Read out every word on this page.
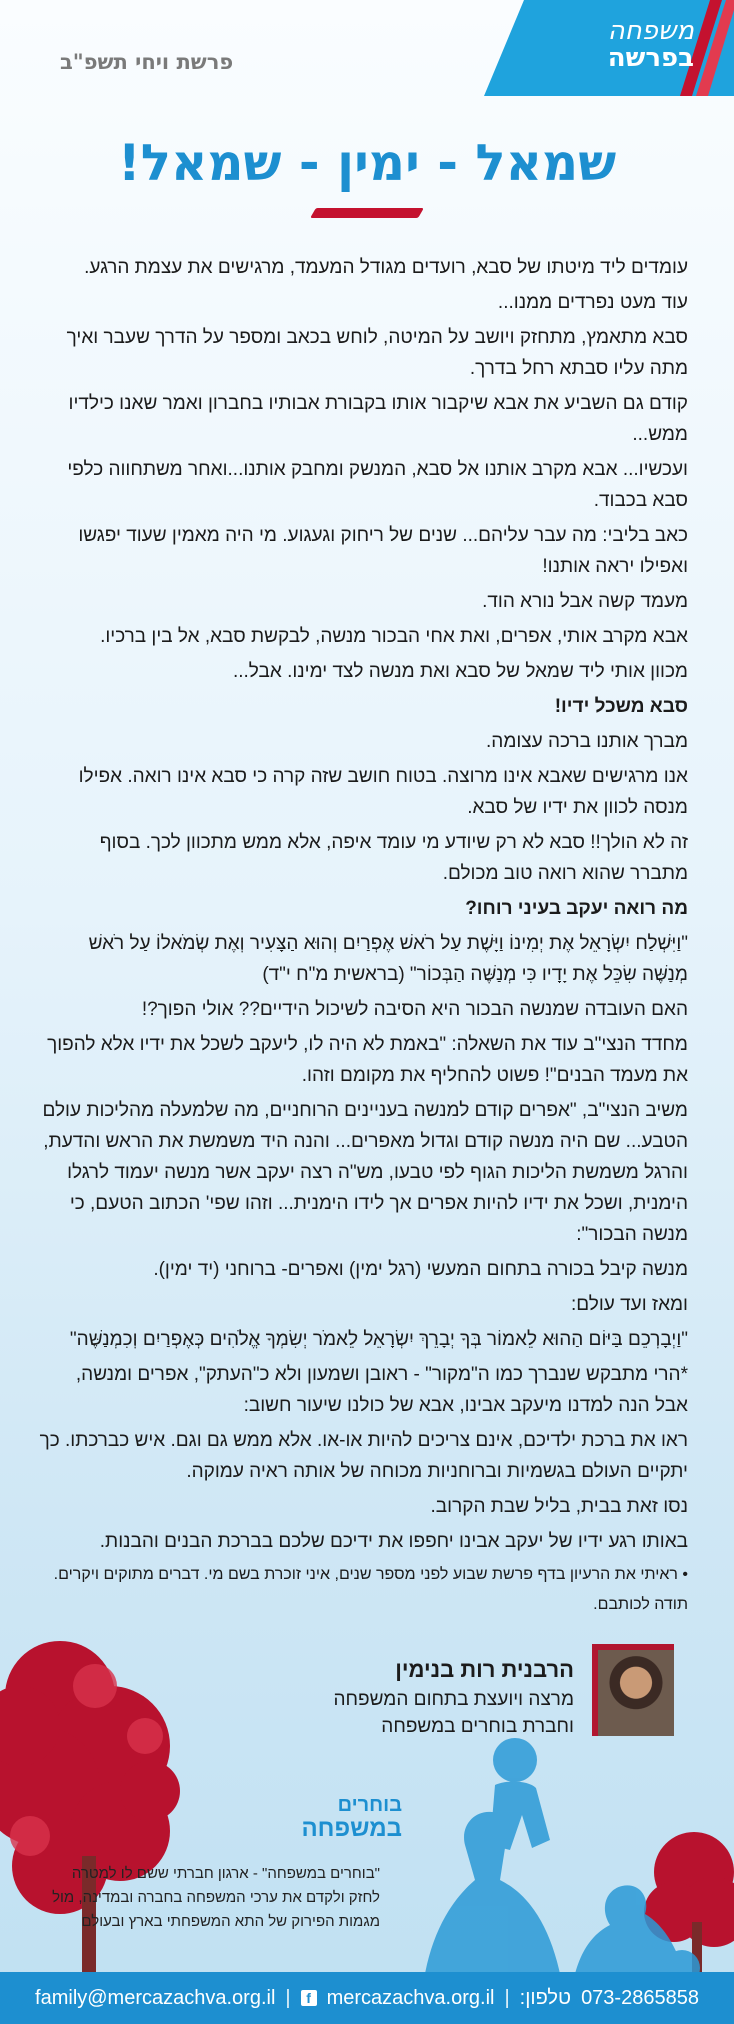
משפחה
בפרשה
פרשת ויחי תשפ"ב
שמאל - ימין - שמאל!

עומדים ליד מיטתו של סבא, רועדים מגודל המעמד, מרגישים את עצמת הרגע.

עוד מעט נפרדים ממנו...

סבא מתאמץ, מתחזק ויושב על המיטה, לוחש בכאב ומספר על הדרך שעבר ואיך מתה עליו סבתא רחל בדרך.

קודם גם השביע את אבא שיקבור אותו בקבורת אבותיו בחברון ואמר שאנו כילדיו ממש...

ועכשיו... אבא מקרב אותנו אל סבא, המנשק ומחבק אותנו...ואחר משתחווה כלפי סבא בכבוד.

כאב בליבי: מה עבר עליהם... שנים של ריחוק וגעגוע. מי היה מאמין שעוד יפגשו ואפילו יראה אותנו!

מעמד קשה אבל נורא הוד.

אבא מקרב אותי, אפרים, ואת אחי הבכור מנשה, לבקשת סבא, אל בין ברכיו.

מכוון אותי ליד שמאל של סבא ואת מנשה לצד ימינו. אבל...

סבא משכל ידיו!

מברך אותנו ברכה עצומה.

אנו מרגישים שאבא אינו מרוצה. בטוח חושב שזה קרה כי סבא אינו רואה. אפילו מנסה לכוון את ידיו של סבא.

זה לא הולך!! סבא לא רק שיודע מי עומד איפה, אלא ממש מתכוון לכך. בסוף מתברר שהוא רואה טוב מכולם.

מה רואה יעקב בעיני רוחו?

"וַיִּשְׁלַח יִשְׂרָאֵל אֶת יְמִינוֹ וַיָּשֶׁת עַל רֹאשׁ אֶפְרַיִם וְהוּא הַצָּעִיר וְאֶת שְׂמֹאלוֹ עַל רֹאשׁ מְנַשֶּׁה שִׂכֵּל אֶת יָדָיו כִּי מְנַשֶּׁה הַבְּכוֹר" (בראשית מ"ח י"ד)

האם העובדה שמנשה הבכור היא הסיבה לשיכול הידיים?? אולי הפוך?!

מחדד הנצי"ב עוד את השאלה: "באמת לא היה לו, ליעקב לשכל את ידיו אלא להפוך את מעמד הבנים"! פשוט להחליף את מקומם וזהו.

משיב הנצי"ב, "אפרים קודם למנשה בעניינים הרוחניים, מה שלמעלה מהליכות עולם הטבע... שם היה מנשה קודם וגדול מאפרים... והנה היד משמשת את הראש והדעת, והרגל משמשת הליכות הגוף לפי טבעו, מש"ה רצה יעקב אשר מנשה יעמוד לרגלו הימנית, ושכל את ידיו להיות אפרים אך לידו הימנית... וזהו שפי' הכתוב הטעם, כי מנשה הבכור":

מנשה קיבל בכורה בתחום המעשי (רגל ימין) ואפרים- ברוחני (יד ימין).

ומאז ועד עולם:

"וַיְבָרְכֵם בַּיּוֹם הַהוּא לֵאמוֹר בְּךָ יְבָרֵךְ יִשְׂרָאֵל לֵאמֹר יְשִׂמְךָ אֱלֹהִים כְּאֶפְרַיִם וְכִמְנַשֶּׁה"

*הרי מתבקש שנברך כמו ה"מקור" - ראובן ושמעון ולא כ"העתק", אפרים ומנשה, אבל הנה למדנו מיעקב אבינו, אבא של כולנו שיעור חשוב:

ראו את ברכת ילדיכם, אינם צריכים להיות או-או. אלא ממש גם וגם. איש כברכתו. כך יתקיים העולם בגשמיות וברוחניות מכוחה של אותה ראיה עמוקה.

נסו זאת בבית, בליל שבת הקרוב.

באותו רגע ידיו של יעקב אבינו יחפפו את ידיכם שלכם בברכת הבנים והבנות.

• ראיתי את הרעיון בדף פרשת שבוע לפני מספר שנים, איני זוכרת בשם מי. דברים מתוקים ויקרים. תודה לכותבם.
הרבנית רות בנימין
מרצה ויועצת בתחום המשפחה
וחברת בוחרים במשפחה
בוחרים
במשפחה
"בוחרים במשפחה" - ארגון חברתי ששם לו למטרה לחזק ולקדם את ערכי המשפחה בחברה ובמדינה, מול מגמות הפירוק של התא המשפחתי בארץ ובעולם
family@mercazachva.org.il |	f mercazachva.org.il | טלפון: 073-2865858
